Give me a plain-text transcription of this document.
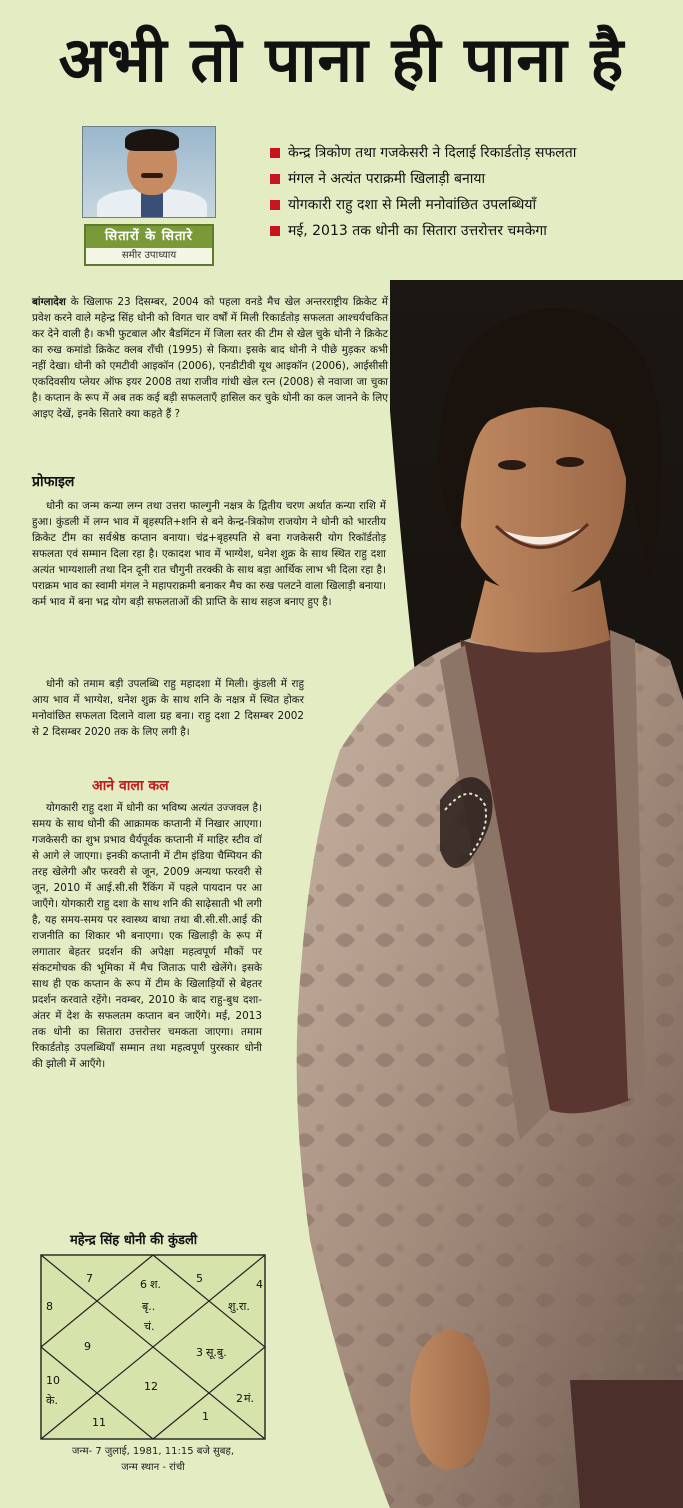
अभी तो पाना ही पाना है
सितारों के सितारे
समीर उपाध्याय
केन्द्र त्रिकोण तथा गजकेसरी ने दिलाई रिकार्डतोड़ सफलता
मंगल ने अत्यंत पराक्रमी खिलाड़ी बनाया
योगकारी राहु दशा से मिली मनोवांछित उपलब्धियाँ
मई, 2013 तक धोनी का सितारा उत्तरोत्तर चमकेगा

बांग्लादेश के खिलाफ 23 दिसम्बर, 2004 को पहला वनडे मैच खेल अन्तरराष्ट्रीय क्रिकेट में प्रवेश करने वाले महेन्द्र सिंह धोनी को विगत चार वर्षों में मिली रिकार्डतोड़ सफलता आश्चर्यचकित कर देने वाली है। कभी फुटबाल और बैडमिंटन में जिला स्तर की टीम से खेल चुके धोनी ने क्रिकेट का रुख कमांडो क्रिकेट क्लब राँची (1995) से किया। इसके बाद धोनी ने पीछे मुड़कर कभी नहीं देखा। धोनी को एमटीवी आइकॉन (2006), एनडीटीवी यूथ आइकॉन (2006), आईसीसी एकदिवसीय प्लेयर ऑफ इयर 2008 तथा राजीव गांधी खेल रत्न (2008) से नवाजा जा चुका है। कप्तान के रूप में अब तक कई बड़ी सफलताएँ हासिल कर चुके धोनी का कल जानने के लिए आइए देखें, इनके सितारे क्या कहते हैं ?

प्रोफाइल

धोनी का जन्म कन्या लग्न तथा उत्तरा फाल्गुनी नक्षत्र के द्वितीय चरण अर्थात कन्या राशि में हुआ। कुंडली में लग्न भाव में बृहस्पति+शनि से बने केन्द्र-त्रिकोण राजयोग ने धोनी को भारतीय क्रिकेट टीम का सर्वश्रेष्ठ कप्तान बनाया। चंद्र+बृहस्पति से बना गजकेसरी योग रिकॉर्डतोड़ सफलता एवं सम्मान दिला रहा है। एकादश भाव में भाग्येश, धनेश शुक्र के साथ स्थित राहु दशा अत्यंत भाग्यशाली तथा दिन दूनी रात चौगुनी तरक्की के साथ बड़ा आर्थिक लाभ भी दिला रहा है। पराक्रम भाव का स्वामी मंगल ने महापराक्रमी बनाकर मैच का रुख पलटने वाला खिलाड़ी बनाया। कर्म भाव में बना भद्र योग बड़ी सफलताओं की प्राप्ति के साथ सहज बनाए हुए है।

धोनी को तमाम बड़ी उपलब्धि राहु महादशा में मिली। कुंडली में राहु आय भाव में भाग्येश, धनेश शुक्र के साथ शनि के नक्षत्र में स्थित होकर मनोवांछित सफलता दिलाने वाला ग्रह बना। राहु दशा 2 दिसम्बर 2002 से 2 दिसम्बर 2020 तक के लिए लगी है।

आने वाला कल

योगकारी राहु दशा में धोनी का भविष्य अत्यंत उज्जवल है। समय के साथ धोनी की आक्रामक कप्तानी में निखार आएगा। गजकेसरी का शुभ प्रभाव धैर्यपूर्वक कप्तानी में माहिर स्टीव वॉ से आगे ले जाएगा। इनकी कप्तानी में टीम इंडिया चैम्पियन की तरह खेलेगी और फरवरी से जून, 2009 अन्यथा फरवरी से जून, 2010 में आई.सी.सी रैंकिंग में पहले पायदान पर आ जाएँगे। योगकारी राहु दशा के साथ शनि की साढ़ेसाती भी लगी है, यह समय-समय पर स्वास्थ्य बाधा तथा बी.सी.सी.आई की राजनीति का शिकार भी बनाएगा। एक खिलाड़ी के रूप में लगातार बेहतर प्रदर्शन की अपेक्षा महत्वपूर्ण मौकों पर संकटमोचक की भूमिका में मैच जिताऊ पारी खेलेंगे। इसके साथ ही एक कप्तान के रूप में टीम के खिलाड़ियों से बेहतर प्रदर्शन करवाते रहेंगे। नवम्बर, 2010 के बाद राहु-बुध दशा-अंतर में देश के सफलतम कप्तान बन जाएँगे। मई, 2013 तक धोनी का सितारा उत्तरोत्तर चमकता जाएगा। तमाम रिकार्डतोड़ उपलब्धियाँ सम्मान तथा महत्वपूर्ण पुरस्कार धोनी की झोली में आएँगे।

महेन्द्र सिंह धोनी की कुंडली
7	6 श.
बृ..
चं.
5	4
शु.रा.
8
9	3 सू.बु.
10
के.
12
2 मं.
11	1
जन्म- 7 जुलाई, 1981, 11:15 बजे सुबह,
जन्म स्थान - रांची
